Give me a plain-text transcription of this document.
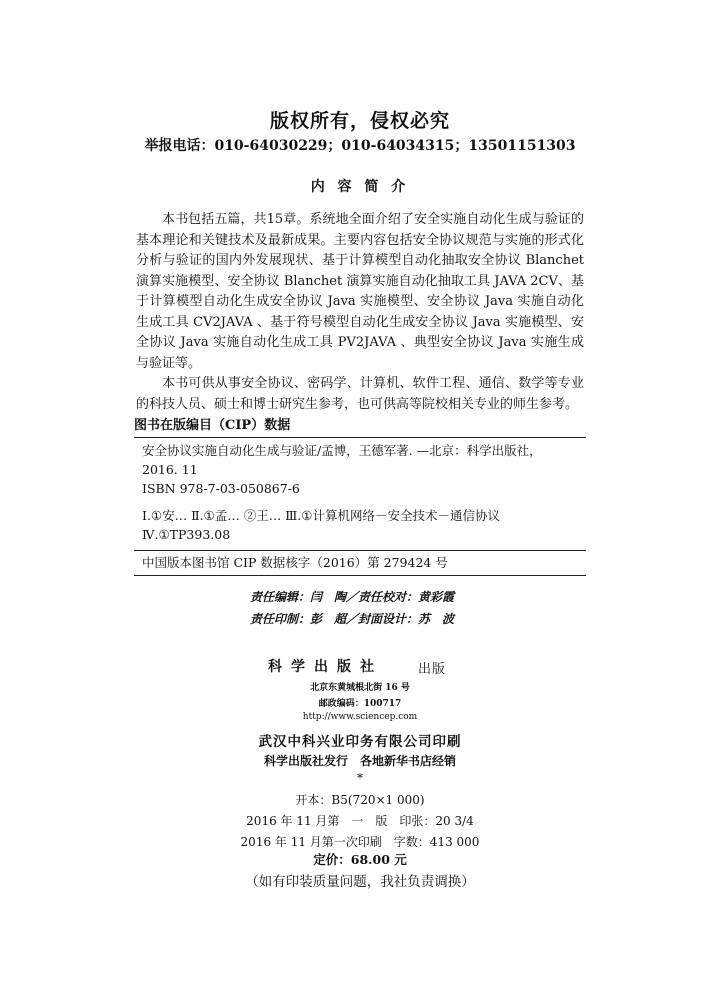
版权所有，侵权必究
举报电话：010-64030229；010-64034315；13501151303
内 容 简 介

本书包括五篇，共15章。系统地全面介绍了安全实施自动化生成与验证的基本理论和关键技术及最新成果。主要内容包括安全协议规范与实施的形式化分析与验证的国内外发展现状、基于计算模型自动化抽取安全协议 Blanchet 演算实施模型、安全协议 Blanchet 演算实施自动化抽取工具 JAVA 2CV、基于计算模型自动化生成安全协议 Java 实施模型、安全协议 Java 实施自动化生成工具 CV2JAVA 、基于符号模型自动化生成安全协议 Java 实施模型、安全协议 Java 实施自动化生成工具 PV2JAVA 、典型安全协议 Java 实施生成与验证等。

本书可供从事安全协议、密码学、计算机、软件工程、通信、数学等专业的科技人员、硕士和博士研究生参考，也可供高等院校相关专业的师生参考。

图书在版编目（CIP）数据
安全协议实施自动化生成与验证/孟博，王德军著. —北京：科学出版社，
2016. 11
ISBN 978-7-03-050867-6
Ⅰ.①安… Ⅱ.①孟… ②王… Ⅲ.①计算机网络－安全技术－通信协议
Ⅳ.①TP393.08
中国版本图书馆 CIP 数据核字（2016）第 279424 号
责任编辑：闫　陶／责任校对：黄彩霞
责任印制：彭　超／封面设计：苏　波
科学出版社	出版
北京东黄城根北街 16 号
邮政编码：100717
http://www.sciencep.com
武汉中科兴业印务有限公司印刷
科学出版社发行　各地新华书店经销
*
开本：B5(720×1 000)
2016 年 11 月第　一　版　印张：20 3/4
2016 年 11 月第一次印刷　字数：413 000
定价：68.00 元
（如有印装质量问题，我社负责调换）
